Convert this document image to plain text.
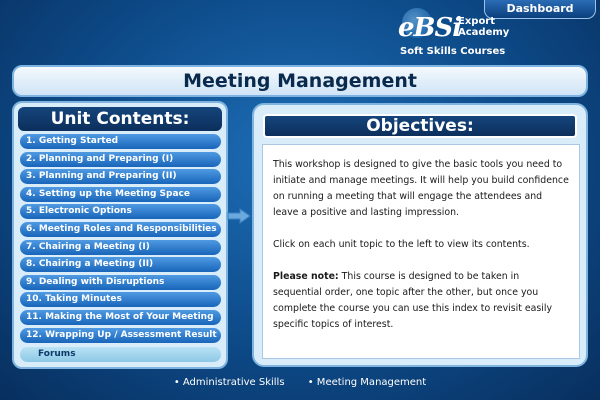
Dashboard
eBSi
Export
Academy
Soft Skills Courses
Meeting Management
Unit Contents:
1. Getting Started
2. Planning and Preparing (I)
3. Planning and Preparing (II)
4. Setting up the Meeting Space
5. Electronic Options
6. Meeting Roles and Responsibilities
7. Chairing a Meeting (I)
8. Chairing a Meeting (II)
9. Dealing with Disruptions
10. Taking Minutes
11. Making the Most of Your Meeting
12. Wrapping Up / Assessment Result
Forums
Objectives:

This workshop is designed to give the basic tools you need to initiate and manage meetings. It will help you build confidence on running a meeting that will engage the attendees and leave a positive and lasting impression.

Click on each unit topic to the left to view its contents.

Please note: This course is designed to be taken in sequential order, one topic after the other, but once you complete the course you can use this index to revisit easily specific topics of interest.

• Administrative Skills • Meeting Management
